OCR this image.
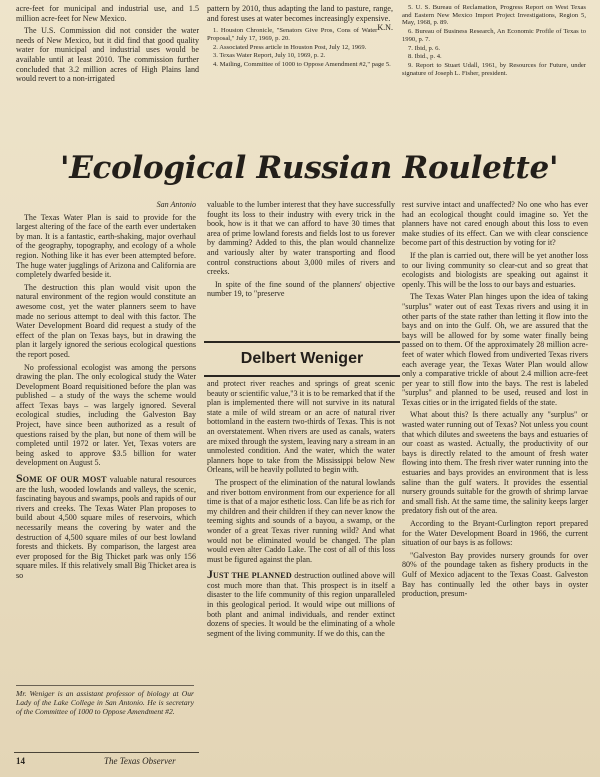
acre-feet for municipal and industrial use, and 1.5 million acre-feet for New Mexico.

The U.S. Commission did not consider the water needs of New Mexico, but it did find that good quality water for municipal and industrial uses would be available until at least 2010. The commission further concluded that 3.2 million acres of High Plains land would revert to a non-irrigated

pattern by 2010, thus adapting the land to pasture, range, and forest uses at water becomes increasingly expensive.
K.N.

1. Houston Chronicle, "Senators Give Pros, Cons of Water Proposal," July 17, 1969, p. 20.

2. Associated Press article in Houston Post, July 12, 1969.

3. Texas Water Report, July 10, 1969, p. 2.

4. Mailing, Committee of 1000 to Oppose Amendment #2," page 5.

5. U. S. Bureau of Reclamation, Progress Report on West Texas and Eastern New Mexico Import Project Investigations, Region 5, May, 1968, p. 89.

6. Bureau of Business Research, An Economic Profile of Texas to 1990, p. 7.

7. Ibid, p. 6.

8. Ibid., p. 4.

9. Report to Stuart Udall, 1961, by Resources for Future, under signature of Joseph L. Fisher, president.

'Ecological Russian Roulette'
San Antonio

The Texas Water Plan is said to provide for the largest altering of the face of the earth ever undertaken by man. It is a fantastic, earth-shaking, major overhaul of the geography, topography, and ecology of a whole region. Nothing like it has ever been attempted before. The huge water jugglings of Arizona and California are completely dwarfed beside it.

The destruction this plan would visit upon the natural environment of the region would constitute an awesome cost, yet the water planners seem to have made no serious attempt to deal with this factor. The Water Development Board did request a study of the effect of the plan on Texas bays, but in drawing the plan it largely ignored the serious ecological questions the report posed.

No professional ecologist was among the persons drawing the plan. The only ecological study the Water Development Board requisitioned before the plan was published – a study of the ways the scheme would affect Texas bays – was largely ignored. Several ecological studies, including the Galveston Bay Project, have since been authorized as a result of questions raised by the plan, but none of them will be completed until 1972 or later. Yet, Texas voters are being asked to approve $3.5 billion for water development on August 5.

SOME OF OUR MOST valuable natural resources are the lush, wooded lowlands and valleys, the scenic, fascinating bayous and swamps, pools and rapids of our rivers and creeks. The Texas Water Plan proposes to build about 4,500 square miles of reservoirs, which necessarily means the covering by water and the destruction of 4,500 square miles of our best lowland forests and thickets. By comparison, the largest area ever proposed for the Big Thicket park was only 156 square miles. If this relatively small Big Thicket area is so

Mr. Weniger is an assistant professor of biology at Our Lady of the Lake College in San Antonio. He is secretary of the Committee of 1000 to Oppose Amendment #2.

valuable to the lumber interest that they have successfully fought its loss to their industry with every trick in the book, how is it that we can afford to have 30 times that area of prime lowland forests and fields lost to us forever by damming? Added to this, the plan would channelize and variously alter by water transporting and flood control constructions about 3,000 miles of rivers and creeks.

In spite of the fine sound of the planners' objective number 19, to "preserve

Delbert Weniger

and protect river reaches and springs of great scenic beauty or scientific value,"3 it is to be remarked that if the plan is implemented there will not survive in its natural state a mile of wild stream or an acre of natural river bottomland in the eastern two-thirds of Texas. This is not an overstatement. When rivers are used as canals, waters are mixed through the system, leaving nary a stream in an unmolested condition. And the water, which the water planners hope to take from the Mississippi below New Orleans, will be heavily polluted to begin with.

The prospect of the elimination of the natural lowlands and river bottom environment from our experience for all time is that of a major esthetic loss. Can life be as rich for my children and their children if they can never know the teeming sights and sounds of a bayou, a swamp, or the wonder of a great Texas river running wild? And what would not be eliminated would be changed. The plan would even alter Caddo Lake. The cost of all of this loss must be figured against the plan.

JUST THE PLANNED destruction outlined above will cost much more than that. This prospect is in itself a disaster to the life community of this region unparalleled in this geological period. It would wipe out millions of both plant and animal individuals, and render extinct dozens of species. It would be the eliminating of a whole segment of the living community. If we do this, can the

rest survive intact and unaffected? No one who has ever had an ecological thought could imagine so. Yet the planners have not cared enough about this loss to even make studies of its effect. Can we with clear conscience become part of this destruction by voting for it?

If the plan is carried out, there will be yet another loss to our living community so clear-cut and so great that ecologists and biologists are speaking out against it openly. This will be the loss to our bays and estuaries.

The Texas Water Plan hinges upon the idea of taking "surplus" water out of east Texas rivers and using it in other parts of the state rather than letting it flow into the bays and on into the Gulf. Oh, we are assured that the bays will be allowed for by some water finally being passed on to them. Of the approximately 28 million acre-feet of water which flowed from undiverted Texas rivers each average year, the Texas Water Plan would allow only a comparative trickle of about 2.4 million acre-feet per year to still flow into the bays. The rest is labeled "surplus" and planned to be used, reused and lost in Texas cities or in the irrigated fields of the state.

What about this? Is there actually any "surplus" or wasted water running out of Texas? Not unless you count that which dilutes and sweetens the bays and estuaries of our coast as wasted. Actually, the productivity of our bays is directly related to the amount of fresh water flowing into them. The fresh river water running into the estuaries and bays provides an environment that is less saline than the gulf waters. It provides the essential nursery grounds suitable for the growth of shrimp larvae and small fish. At the same time, the salinity keeps larger predatory fish out of the area.

According to the Bryant-Curlington report prepared for the Water Development Board in 1966, the current situation of our bays is as follows:

"Galveston Bay provides nursery grounds for over 80% of the poundage taken as fishery products in the Gulf of Mexico adjacent to the Texas Coast. Galveston Bay has continually led the other bays in oyster production, presum-

14	The Texas Observer
